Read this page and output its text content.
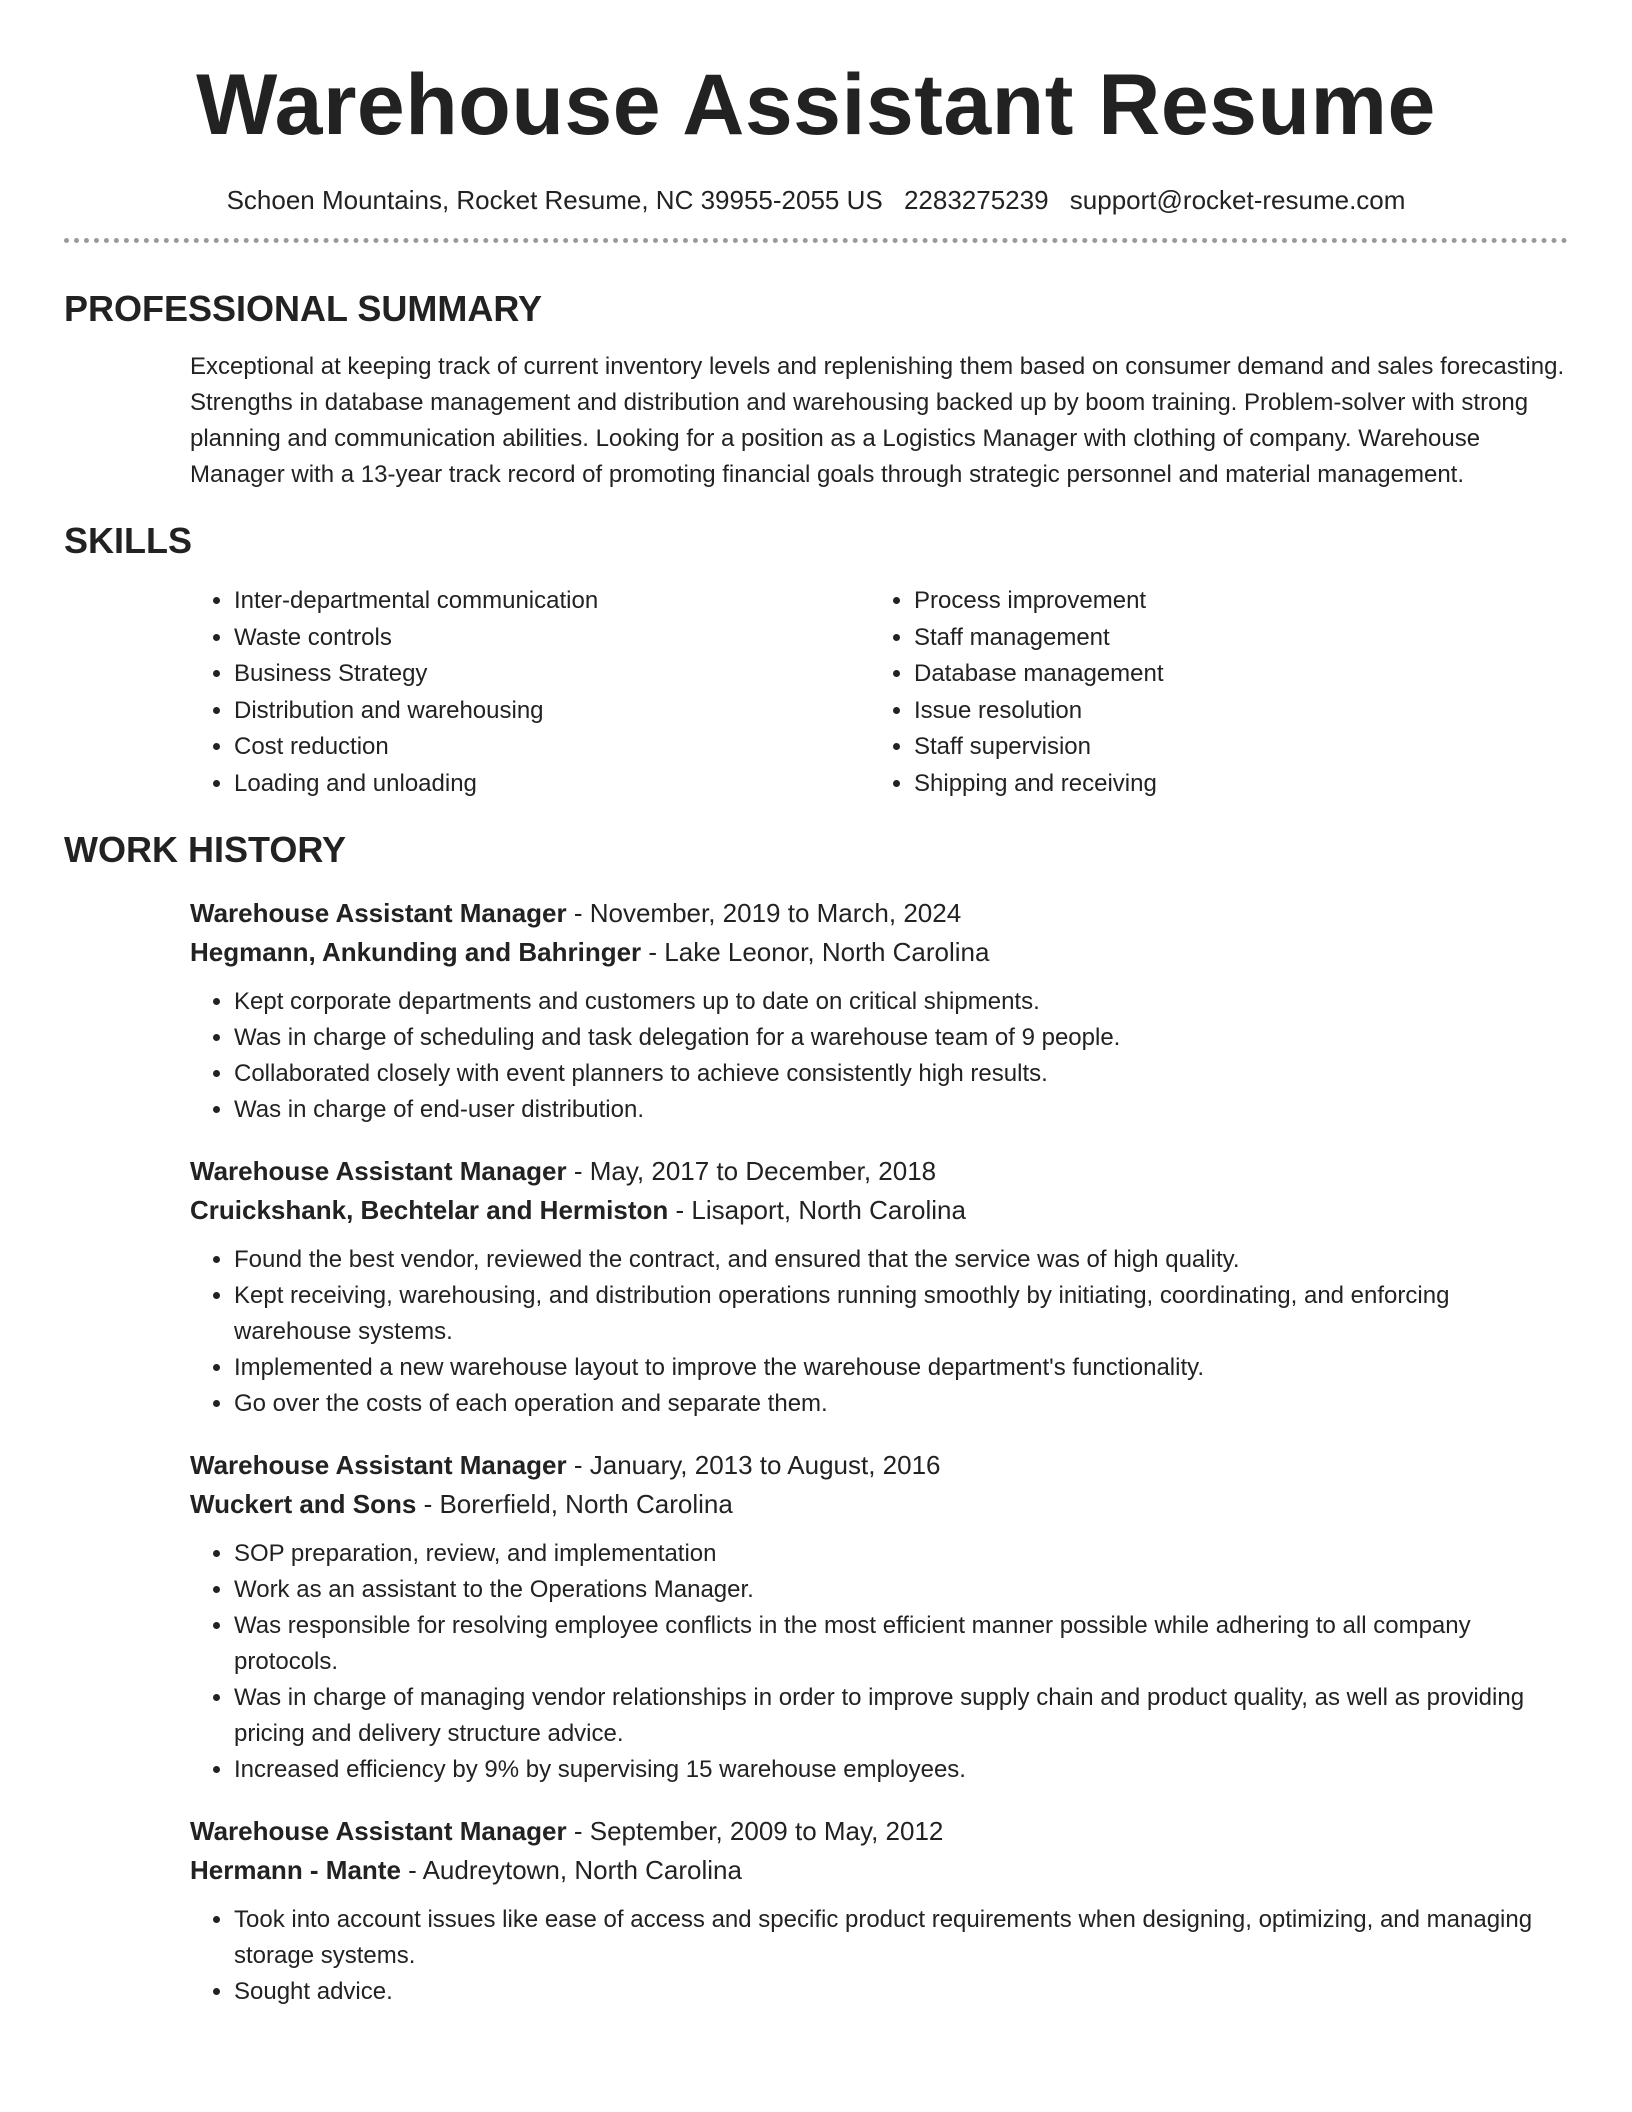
Warehouse Assistant Resume
Schoen Mountains, Rocket Resume, NC 39955-2055 US 2283275239 support@rocket-resume.com
PROFESSIONAL SUMMARY
Exceptional at keeping track of current inventory levels and replenishing them based on consumer demand and sales forecasting. Strengths in database management and distribution and warehousing backed up by boom training. Problem-solver with strong planning and communication abilities. Looking for a position as a Logistics Manager with clothing of company. Warehouse Manager with a 13-year track record of promoting financial goals through strategic personnel and material management.
SKILLS
• Inter-departmental communication
• Waste controls
• Business Strategy
• Distribution and warehousing
• Cost reduction
• Loading and unloading
• Process improvement
• Staff management
• Database management
• Issue resolution
• Staff supervision
• Shipping and receiving
WORK HISTORY
Warehouse Assistant Manager - November, 2019 to March, 2024
Hegmann, Ankunding and Bahringer - Lake Leonor, North Carolina
• Kept corporate departments and customers up to date on critical shipments.
• Was in charge of scheduling and task delegation for a warehouse team of 9 people.
• Collaborated closely with event planners to achieve consistently high results.
• Was in charge of end-user distribution.
Warehouse Assistant Manager - May, 2017 to December, 2018
Cruickshank, Bechtelar and Hermiston - Lisaport, North Carolina
• Found the best vendor, reviewed the contract, and ensured that the service was of high quality.
• Kept receiving, warehousing, and distribution operations running smoothly by initiating, coordinating, and enforcing warehouse systems.
• Implemented a new warehouse layout to improve the warehouse department's functionality.
• Go over the costs of each operation and separate them.
Warehouse Assistant Manager - January, 2013 to August, 2016
Wuckert and Sons - Borerfield, North Carolina
• SOP preparation, review, and implementation
• Work as an assistant to the Operations Manager.
• Was responsible for resolving employee conflicts in the most efficient manner possible while adhering to all company protocols.
• Was in charge of managing vendor relationships in order to improve supply chain and product quality, as well as providing pricing and delivery structure advice.
• Increased efficiency by 9% by supervising 15 warehouse employees.
Warehouse Assistant Manager - September, 2009 to May, 2012
Hermann - Mante - Audreytown, North Carolina
• Took into account issues like ease of access and specific product requirements when designing, optimizing, and managing storage systems.
• Sought advice.
